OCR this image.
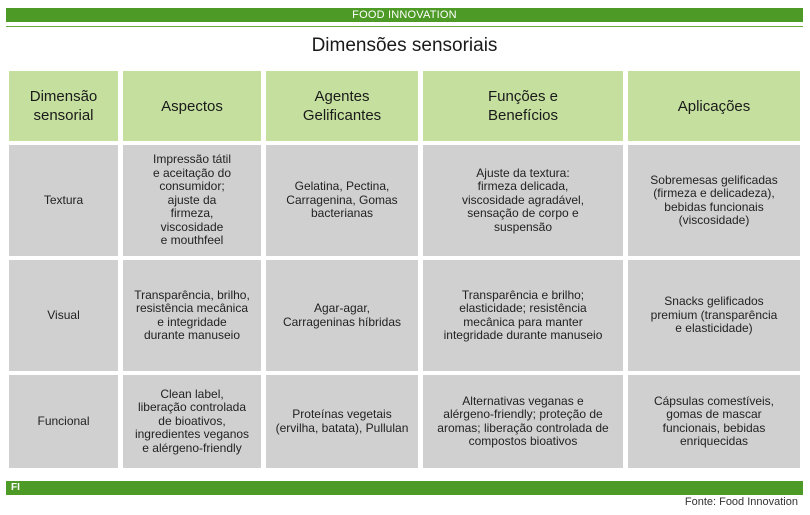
FOOD INNOVATION
Dimensões sensoriais
Dimensão
sensorial
Aspectos
Agentes
Gelificantes
Funções e
Benefícios
Aplicações
Textura
Impressão tátil
e aceitação do
consumidor;
ajuste da
firmeza,
viscosidade
e mouthfeel
Gelatina, Pectina,
Carragenina, Gomas
bacterianas
Ajuste da textura:
firmeza delicada,
viscosidade agradável,
sensação de corpo e
suspensão
Sobremesas gelificadas
(firmeza e delicadeza),
bebidas funcionais
(viscosidade)
Visual
Transparência, brilho,
resistência mecânica
e integridade
durante manuseio
Agar-agar,
Carrageninas híbridas
Transparência e brilho;
elasticidade; resistência
mecânica para manter
integridade durante manuseio
Snacks gelificados
premium (transparência
e elasticidade)
Funcional
Clean label,
liberação controlada
de bioativos,
ingredientes veganos
e alérgeno-friendly
Proteínas vegetais
(ervilha, batata), Pullulan
Alternativas veganas e
alérgeno-friendly; proteção de
aromas; liberação controlada de
compostos bioativos
Cápsulas comestíveis,
gomas de mascar
funcionais, bebidas
enriquecidas
FI
Fonte: Food Innovation
